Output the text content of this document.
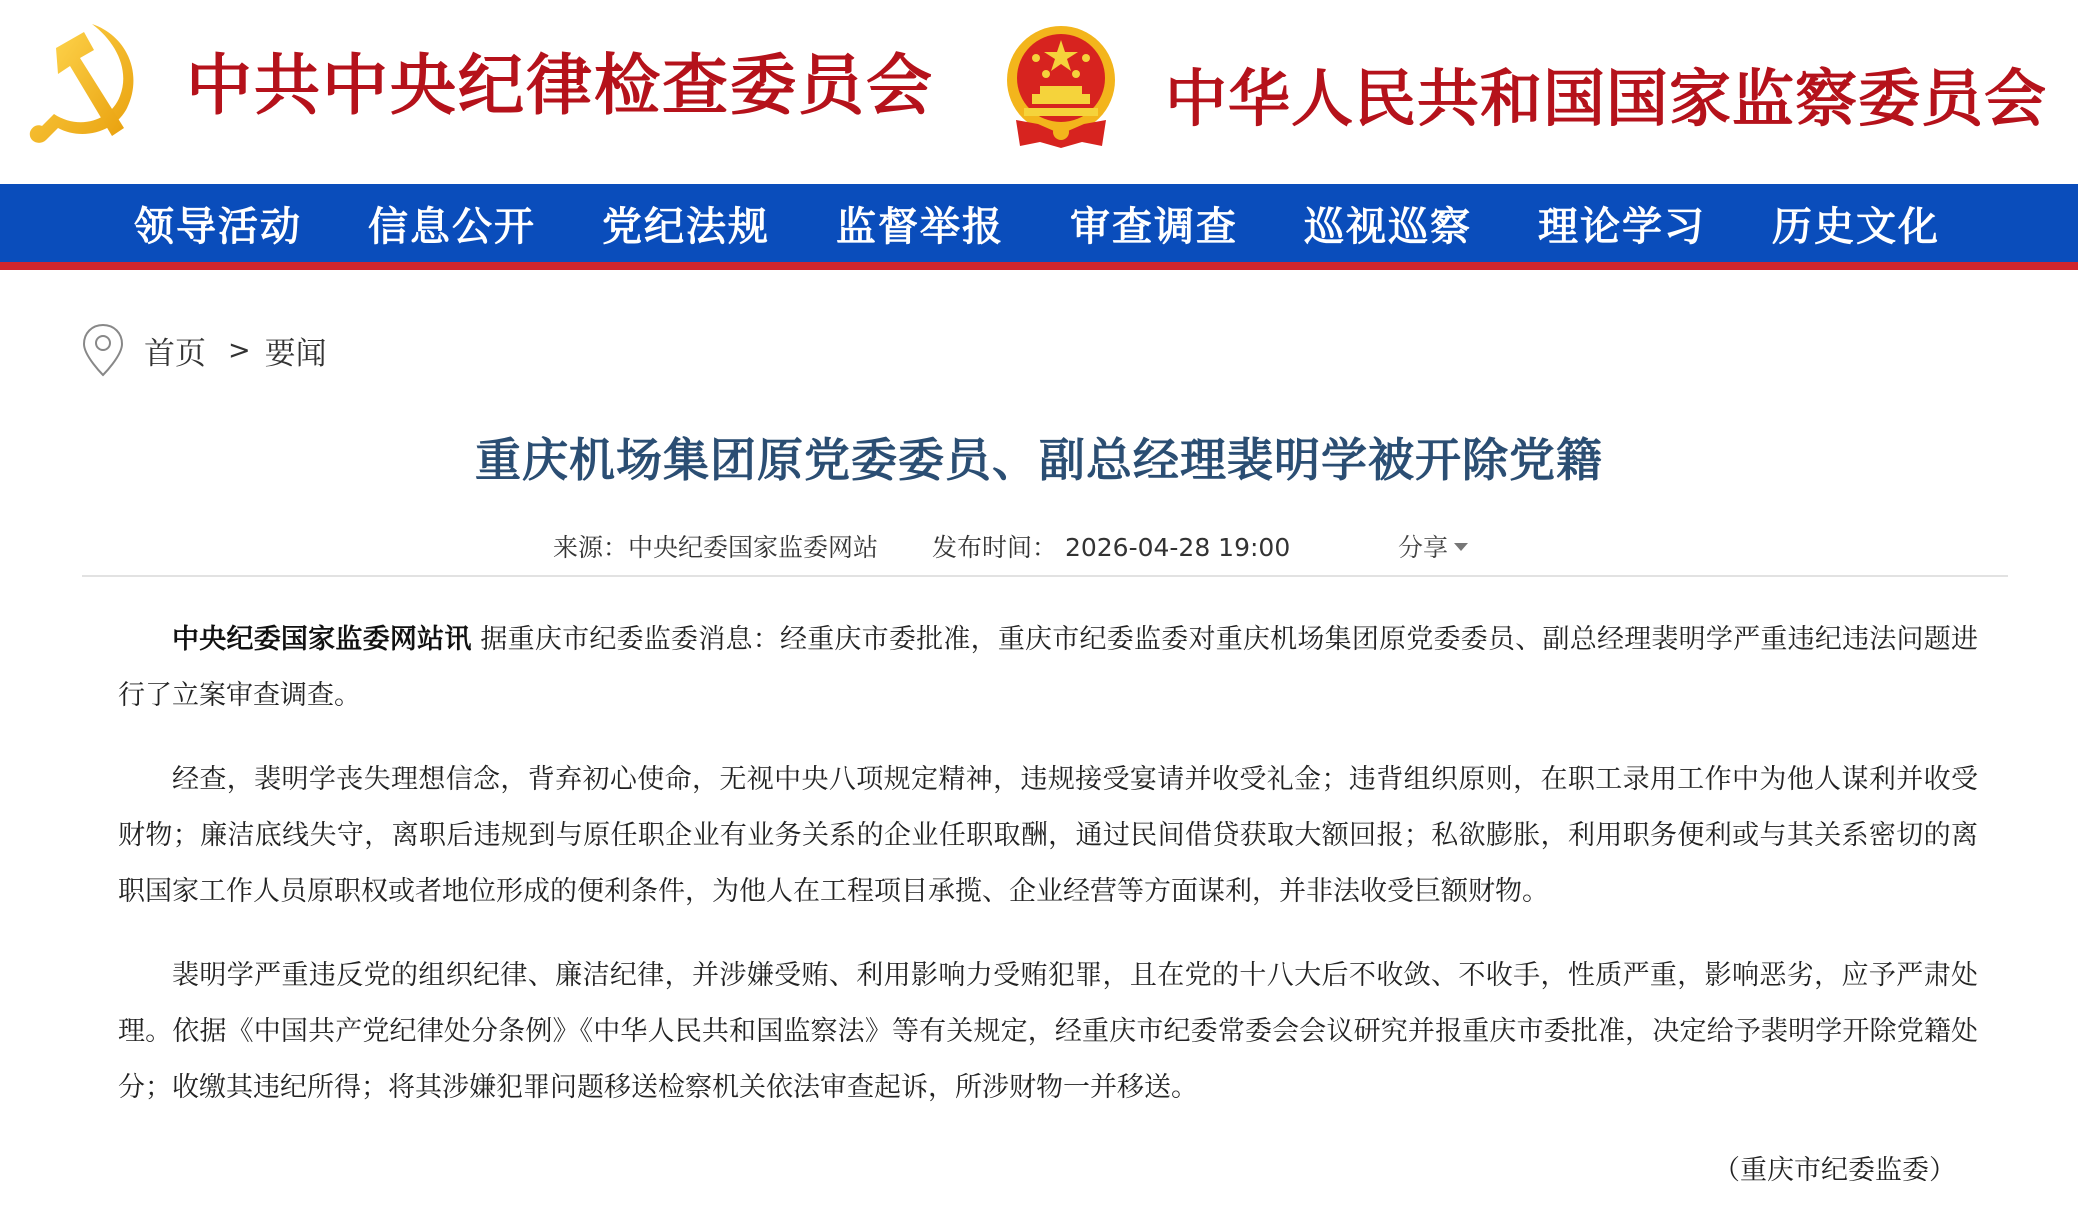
中共中央纪律检查委员会	中华人民共和国国家监察委员会
领导活动 信息公开 党纪法规 监督举报 审查调查 巡视巡察 理论学习 历史文化
首页 > 要闻
重庆机场集团原党委委员、副总经理裴明学被开除党籍
来源：中央纪委国家监委网站 发布时间： 2026-04-28 19:00	分享

中央纪委国家监委网站讯 据重庆市纪委监委消息：经重庆市委批准，重庆市纪委监委对重庆机场集团原党委委员、副总经理裴明学严重违纪违法问题进行了立案审查调查。

经查，裴明学丧失理想信念，背弃初心使命，无视中央八项规定精神，违规接受宴请并收受礼金；违背组织原则，在职工录用工作中为他人谋利并收受财物；廉洁底线失守，离职后违规到与原任职企业有业务关系的企业任职取酬，通过民间借贷获取大额回报；私欲膨胀，利用职务便利或与其关系密切的离职国家工作人员原职权或者地位形成的便利条件，为他人在工程项目承揽、企业经营等方面谋利，并非法收受巨额财物。

裴明学严重违反党的组织纪律、廉洁纪律，并涉嫌受贿、利用影响力受贿犯罪，且在党的十八大后不收敛、不收手，性质严重，影响恶劣，应予严肃处理。依据《中国共产党纪律处分条例》《中华人民共和国监察法》等有关规定，经重庆市纪委常委会会议研究并报重庆市委批准，决定给予裴明学开除党籍处分；收缴其违纪所得；将其涉嫌犯罪问题移送检察机关依法审查起诉，所涉财物一并移送。

（重庆市纪委监委）
